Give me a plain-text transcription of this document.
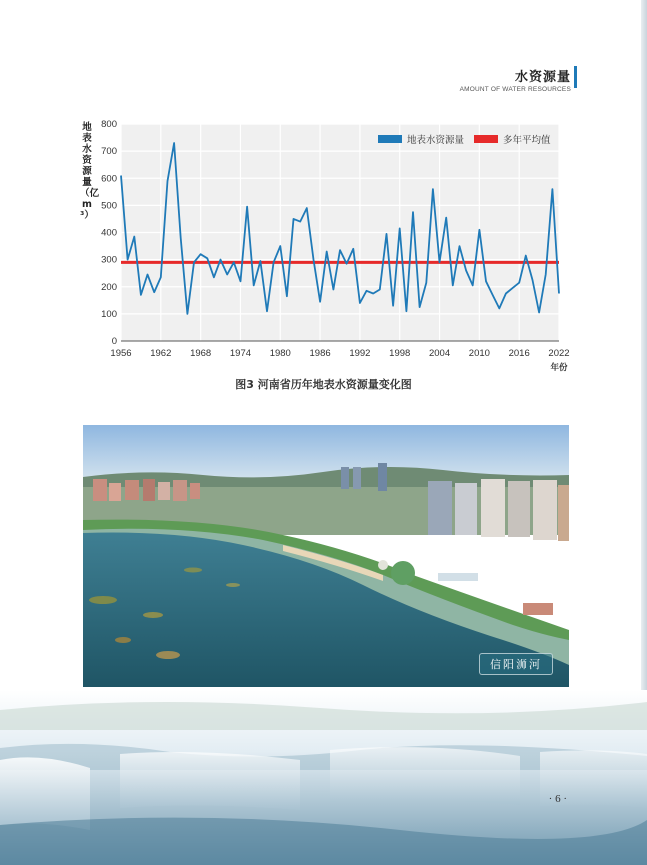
水资源量
AMOUNT OF WATER RESOURCES
地表水资源量（亿m³）
0
100
200
300
400
500
600
700
800
1956 1962 1968 1974 1980 1986 1992 1998 2004 2010 2016 2022
年份
地表水资源量	多年平均值
图3 河南省历年地表水资源量变化图
信阳浉河
· 6 ·
